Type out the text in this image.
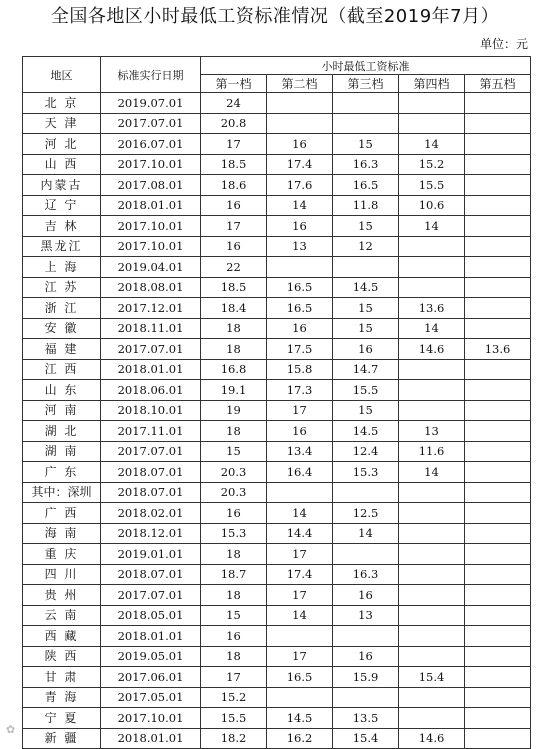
全国各地区小时最低工资标准情况（截至2019年7月）
单位：元
地区	标准实行日期	小时最低工资标准				
		第一档	第二档	第三档	第四档	第五档
北 京	2019.07.01	24				
天 津	2017.07.01	20.8				
河 北	2016.07.01	17	16	15	14	
山 西	2017.10.01	18.5	17.4	16.3	15.2	
内蒙古	2017.08.01	18.6	17.6	16.5	15.5	
辽 宁	2018.01.01	16	14	11.8	10.6	
吉 林	2017.10.01	17	16	15	14	
黑龙江	2017.10.01	16	13	12		
上 海	2019.04.01	22				
江 苏	2018.08.01	18.5	16.5	14.5		
浙 江	2017.12.01	18.4	16.5	15	13.6	
安 徽	2018.11.01	18	16	15	14	
福 建	2017.07.01	18	17.5	16	14.6	13.6
江 西	2018.01.01	16.8	15.8	14.7		
山 东	2018.06.01	19.1	17.3	15.5		
河 南	2018.10.01	19	17	15		
湖 北	2017.11.01	18	16	14.5	13	
湖 南	2017.07.01	15	13.4	12.4	11.6	
广 东	2018.07.01	20.3	16.4	15.3	14	
其中：深圳	2018.07.01	20.3				
广 西	2018.02.01	16	14	12.5		
海 南	2018.12.01	15.3	14.4	14		
重 庆	2019.01.01	18	17			
四 川	2018.07.01	18.7	17.4	16.3		
贵 州	2017.07.01	18	17	16		
云 南	2018.05.01	15	14	13		
西 藏	2018.01.01	16				
陕 西	2019.05.01	18	17	16		
甘 肃	2017.06.01	17	16.5	15.9	15.4	
青 海	2017.05.01	15.2				
宁 夏	2017.10.01	15.5	14.5	13.5		
新 疆	2018.01.01	18.2	16.2	15.4	14.6	
✿
